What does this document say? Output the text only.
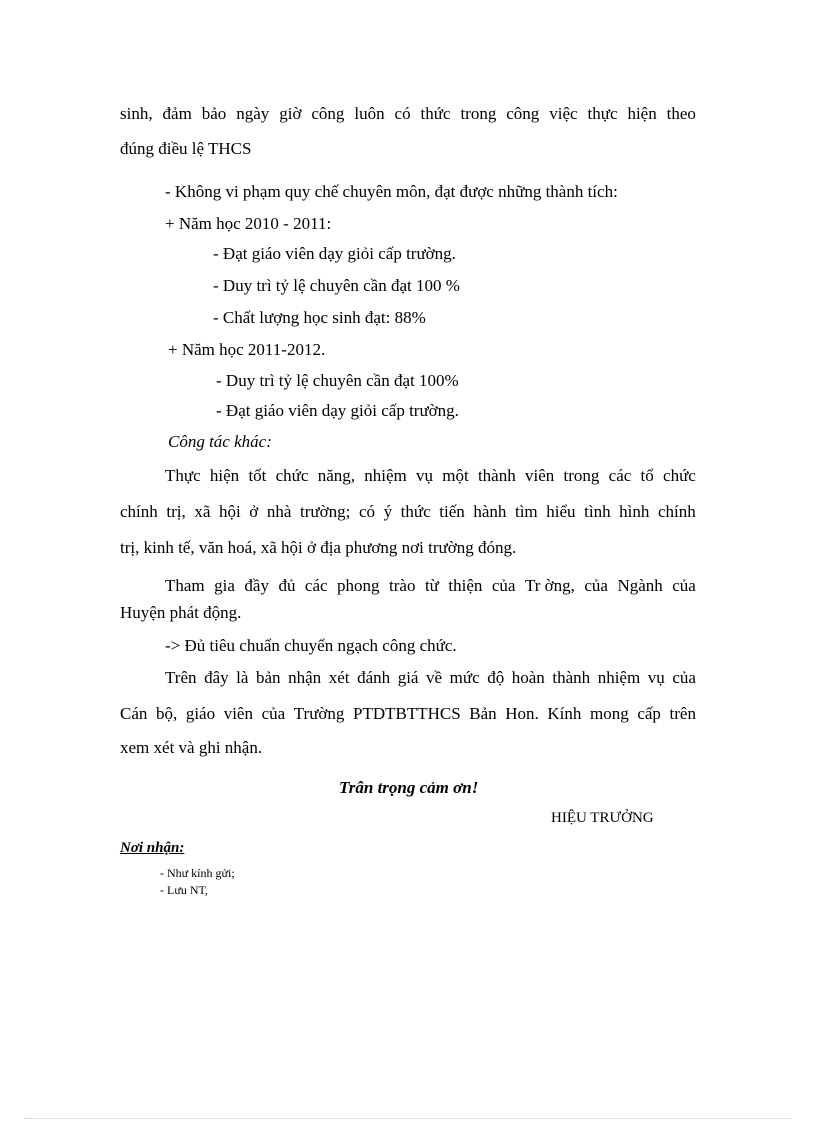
sinh, đảm bảo ngày giờ công luôn có thức trong công việc thực hiện theo
đúng điều lệ THCS
- Không vi phạm quy chế chuyên môn, đạt được những thành tích:
+ Năm học 2010 - 2011:
- Đạt giáo viên dạy giỏi cấp trường.
- Duy trì tỷ lệ chuyên cần đạt 100 %
- Chất lượng học sinh đạt: 88%
+ Năm học 2011-2012.
- Duy trì tỷ lệ chuyên cần đạt 100%
- Đạt giáo viên dạy giỏi cấp trường.
Công tác khác:
Thực hiện tốt chức năng, nhiệm vụ một thành viên trong các tổ chức
chính trị, xã hội ở nhà trường; có ý thức tiến hành tìm hiểu tình hình chính
trị, kinh tế, văn hoá, xã hội ở địa phương nơi trường đóng.
Tham gia đầy đủ các phong trào từ thiện của Tr ờng, của Ngành của
Huyện phát động.
-> Đủ tiêu chuẩn chuyển ngạch công chức.
Trên đây là bản nhận xét đánh giá về mức độ hoàn thành nhiệm vụ của
Cán bộ, giáo viên của Trường PTDTBTTHCS Bản Hon. Kính mong cấp trên
xem xét và ghi nhận.
Trân trọng cảm ơn!
HIỆU TRƯỞNG
Nơi nhận:
- Như kính gửi;
- Lưu NT,
